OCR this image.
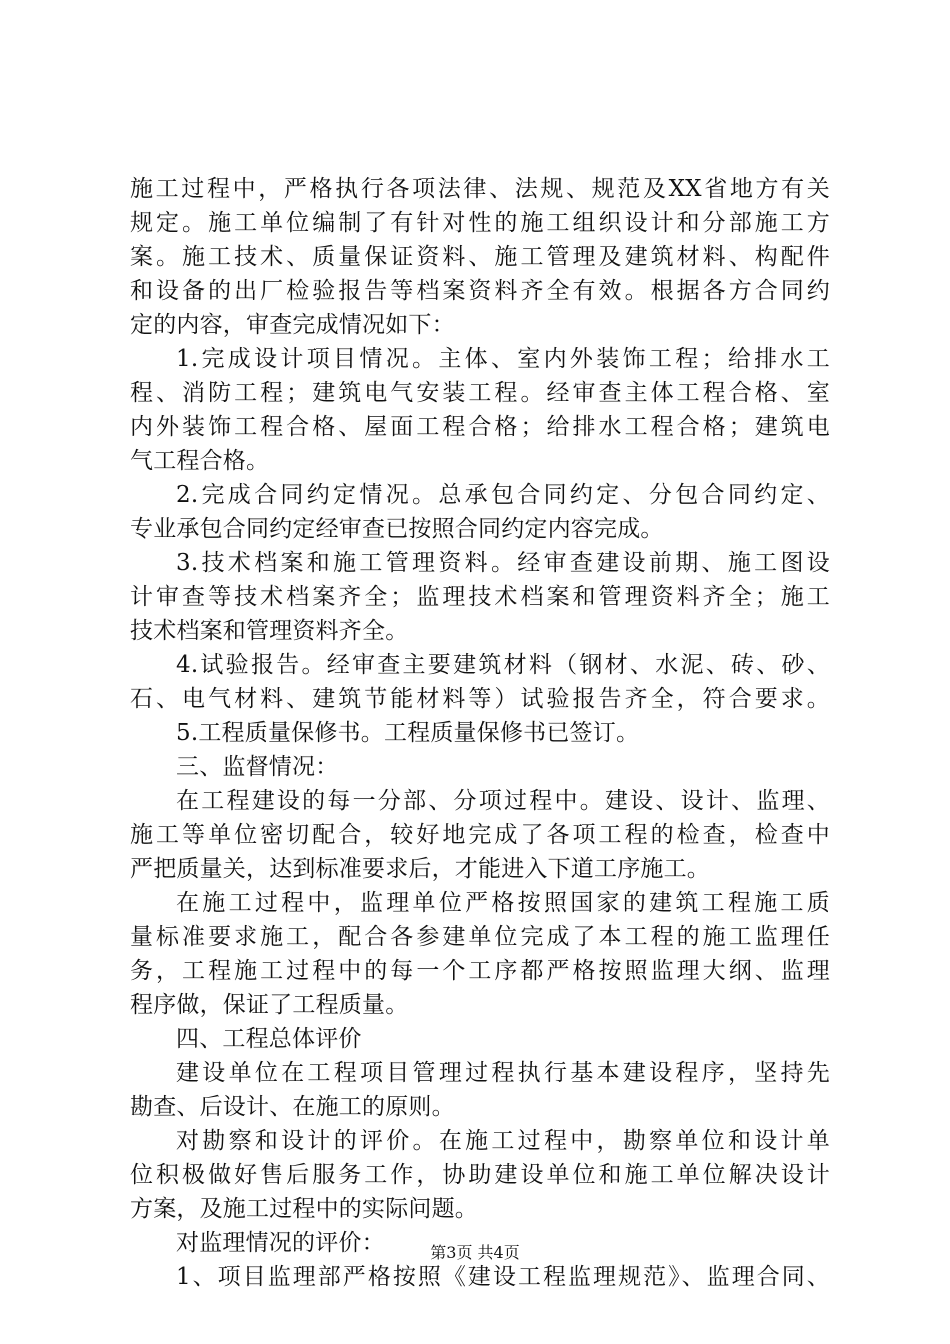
施工过程中，严格执行各项法律、法规、规范及XX省地方有关
规定。施工单位编制了有针对性的施工组织设计和分部施工方
案。施工技术、质量保证资料、施工管理及建筑材料、构配件
和设备的出厂检验报告等档案资料齐全有效。根据各方合同约
定的内容，审查完成情况如下：
1.完成设计项目情况。主体、室内外装饰工程；给排水工
程、消防工程；建筑电气安装工程。经审查主体工程合格、室
内外装饰工程合格、屋面工程合格；给排水工程合格；建筑电
气工程合格。
2.完成合同约定情况。总承包合同约定、分包合同约定、
专业承包合同约定经审查已按照合同约定内容完成。
3.技术档案和施工管理资料。经审查建设前期、施工图设
计审查等技术档案齐全；监理技术档案和管理资料齐全；施工
技术档案和管理资料齐全。
4.试验报告。经审查主要建筑材料（钢材、水泥、砖、砂、
石、电气材料、建筑节能材料等）试验报告齐全，符合要求。
5.工程质量保修书。工程质量保修书已签订。
三、监督情况：
在工程建设的每一分部、分项过程中。建设、设计、监理、
施工等单位密切配合，较好地完成了各项工程的检查，检查中
严把质量关，达到标准要求后，才能进入下道工序施工。
在施工过程中，监理单位严格按照国家的建筑工程施工质
量标准要求施工，配合各参建单位完成了本工程的施工监理任
务，工程施工过程中的每一个工序都严格按照监理大纲、监理
程序做，保证了工程质量。
四、工程总体评价
建设单位在工程项目管理过程执行基本建设程序，坚持先
勘查、后设计、在施工的原则。
对勘察和设计的评价。在施工过程中，勘察单位和设计单
位积极做好售后服务工作，协助建设单位和施工单位解决设计
方案，及施工过程中的实际问题。
对监理情况的评价：
1、项目监理部严格按照《建设工程监理规范》、监理合同、
第3页 共4页
